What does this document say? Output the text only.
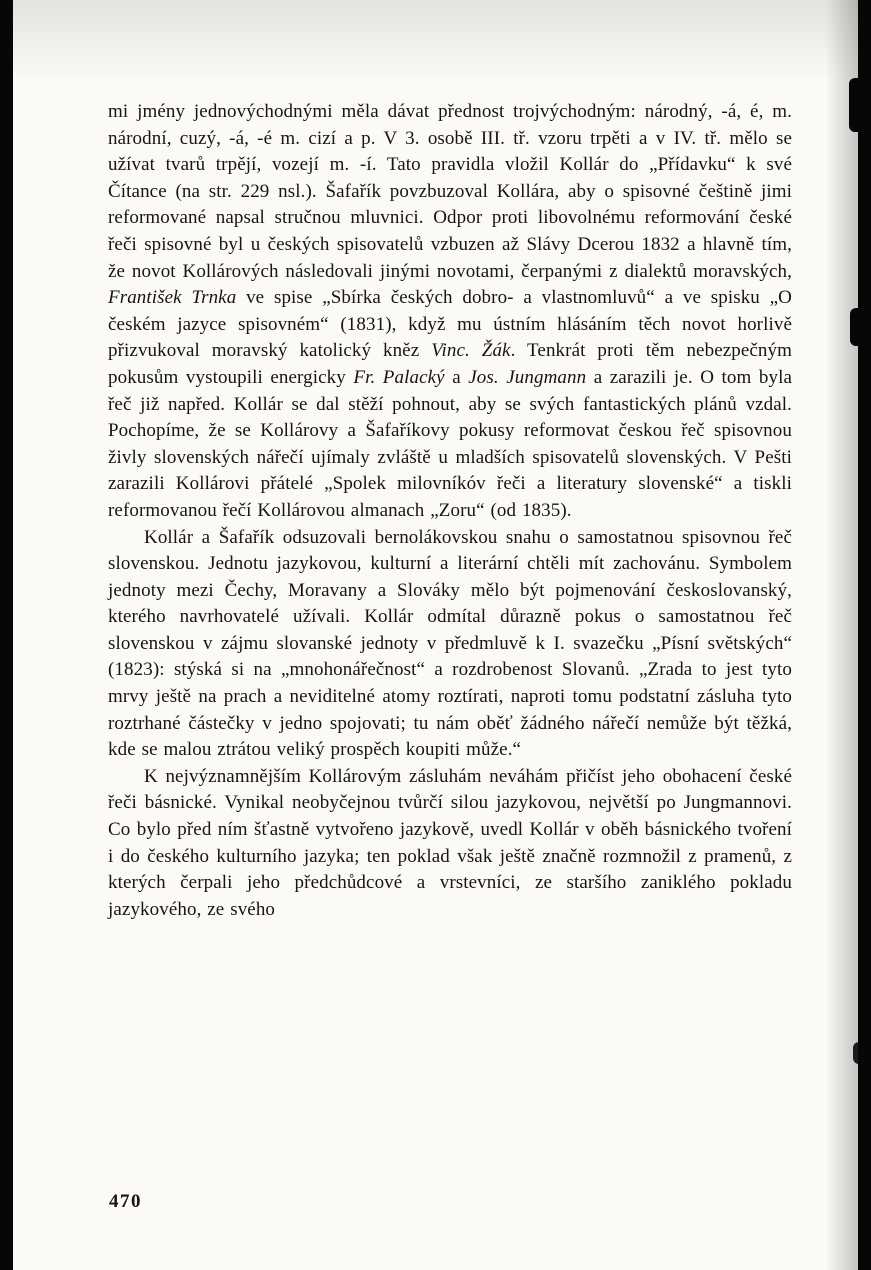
mi jmény jednovýchodnými měla dávat přednost trojvýchodným: národný, -á, é, m. národní, cuzý, -á, -é m. cizí a p. V 3. osobě III. tř. vzoru trpěti a v IV. tř. mělo se užívat tvarů trpějí, vozejí m. -í. Tato pravidla vložil Kollár do „Přídavku“ k své Čítance (na str. 229 nsl.). Šafařík povzbuzoval Kollára, aby o spisovné češtině jimi reformované napsal stručnou mluvnici. Odpor proti libovolnému reformování české řeči spisovné byl u českých spisovatelů vzbuzen až Slávy Dcerou 1832 a hlavně tím, že novot Kollárových následovali jinými novotami, čerpanými z dialektů moravských, František Trnka ve spise „Sbírka českých dobro- a vlastnomluvů“ a ve spisku „O českém jazyce spisovném“ (1831), když mu ústním hlásáním těch novot horlivě přizvukoval moravský katolický kněz Vinc. Žák. Tenkrát proti těm nebezpečným pokusům vystoupili energicky Fr. Palacký a Jos. Jungmann a zarazili je. O tom byla řeč již napřed. Kollár se dal stěží pohnout, aby se svých fantastických plánů vzdal. Pochopíme, že se Kollárovy a Šafaříkovy pokusy reformovat českou řeč spisovnou živly slovenských nářečí ujímaly zvláště u mladších spisovatelů slovenských. V Pešti zarazili Kollárovi přátelé „Spolek milovníkóv řeči a literatury slovenské“ a tiskli reformovanou řečí Kollárovou almanach „Zoru“ (od 1835).

Kollár a Šafařík odsuzovali bernolákovskou snahu o samostatnou spisovnou řeč slovenskou. Jednotu jazykovou, kulturní a literární chtěli mít zachovánu. Symbolem jednoty mezi Čechy, Moravany a Slováky mělo být pojmenování českoslovanský, kterého navrhovatelé užívali. Kollár odmítal důrazně pokus o samostatnou řeč slovenskou v zájmu slovanské jednoty v předmluvě k I. svazečku „Písní světských“ (1823): stýská si na „mnohonářečnost“ a rozdrobenost Slovanů. „Zrada to jest tyto mrvy ještě na prach a neviditelné atomy roztírati, naproti tomu podstatní zásluha tyto roztrhané částečky v jedno spojovati; tu nám oběť žádného nářečí nemůže být těžká, kde se malou ztrátou veliký prospěch koupiti může.“

K nejvýznamnějším Kollárovým zásluhám neváhám přičíst jeho obohacení české řeči básnické. Vynikal neobyčejnou tvůrčí silou jazykovou, největší po Jungmannovi. Co bylo před ním šťastně vytvořeno jazykově, uvedl Kollár v oběh básnického tvoření i do českého kulturního jazyka; ten poklad však ještě značně rozmnožil z pramenů, z kterých čerpali jeho předchůdcové a vrstevníci, ze staršího zaniklého pokladu jazykového, ze svého

470
